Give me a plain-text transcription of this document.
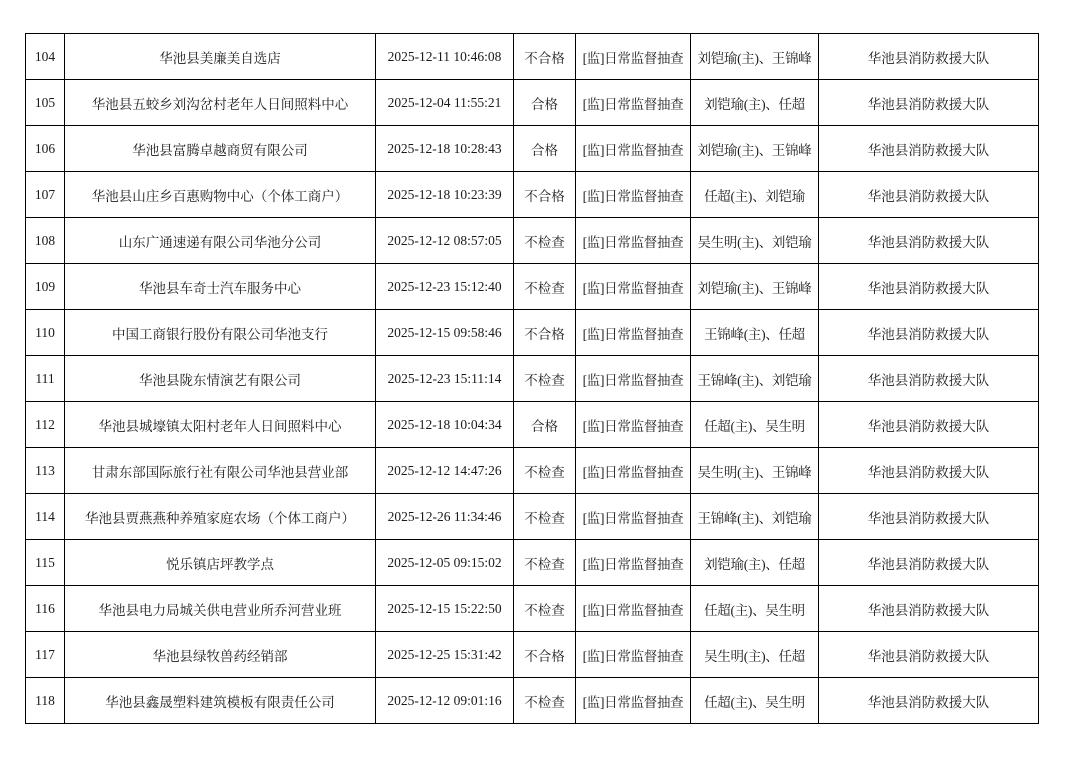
104	华池县美廉美自选店	2025-12-11 10:46:08	不合格	[监]日常监督抽查	刘铠瑜(主)、王锦峰	华池县消防救援大队
105	华池县五蛟乡刘沟岔村老年人日间照料中心	2025-12-04 11:55:21	合格	[监]日常监督抽查	刘铠瑜(主)、任超	华池县消防救援大队
106	华池县富腾卓越商贸有限公司	2025-12-18 10:28:43	合格	[监]日常监督抽查	刘铠瑜(主)、王锦峰	华池县消防救援大队
107	华池县山庄乡百惠购物中心（个体工商户）	2025-12-18 10:23:39	不合格	[监]日常监督抽查	任超(主)、刘铠瑜	华池县消防救援大队
108	山东广通速递有限公司华池分公司	2025-12-12 08:57:05	不检查	[监]日常监督抽查	吴生明(主)、刘铠瑜	华池县消防救援大队
109	华池县车奇士汽车服务中心	2025-12-23 15:12:40	不检查	[监]日常监督抽查	刘铠瑜(主)、王锦峰	华池县消防救援大队
110	中国工商银行股份有限公司华池支行	2025-12-15 09:58:46	不合格	[监]日常监督抽查	王锦峰(主)、任超	华池县消防救援大队
111	华池县陇东情演艺有限公司	2025-12-23 15:11:14	不检查	[监]日常监督抽查	王锦峰(主)、刘铠瑜	华池县消防救援大队
112	华池县城壕镇太阳村老年人日间照料中心	2025-12-18 10:04:34	合格	[监]日常监督抽查	任超(主)、吴生明	华池县消防救援大队
113	甘肃东部国际旅行社有限公司华池县营业部	2025-12-12 14:47:26	不检查	[监]日常监督抽查	吴生明(主)、王锦峰	华池县消防救援大队
114	华池县贾燕燕种养殖家庭农场（个体工商户）	2025-12-26 11:34:46	不检查	[监]日常监督抽查	王锦峰(主)、刘铠瑜	华池县消防救援大队
115	悦乐镇店坪教学点	2025-12-05 09:15:02	不检查	[监]日常监督抽查	刘铠瑜(主)、任超	华池县消防救援大队
116	华池县电力局城关供电营业所乔河营业班	2025-12-15 15:22:50	不检查	[监]日常监督抽查	任超(主)、吴生明	华池县消防救援大队
117	华池县绿牧兽药经销部	2025-12-25 15:31:42	不合格	[监]日常监督抽查	吴生明(主)、任超	华池县消防救援大队
118	华池县鑫晟塑料建筑模板有限责任公司	2025-12-12 09:01:16	不检查	[监]日常监督抽查	任超(主)、吴生明	华池县消防救援大队
